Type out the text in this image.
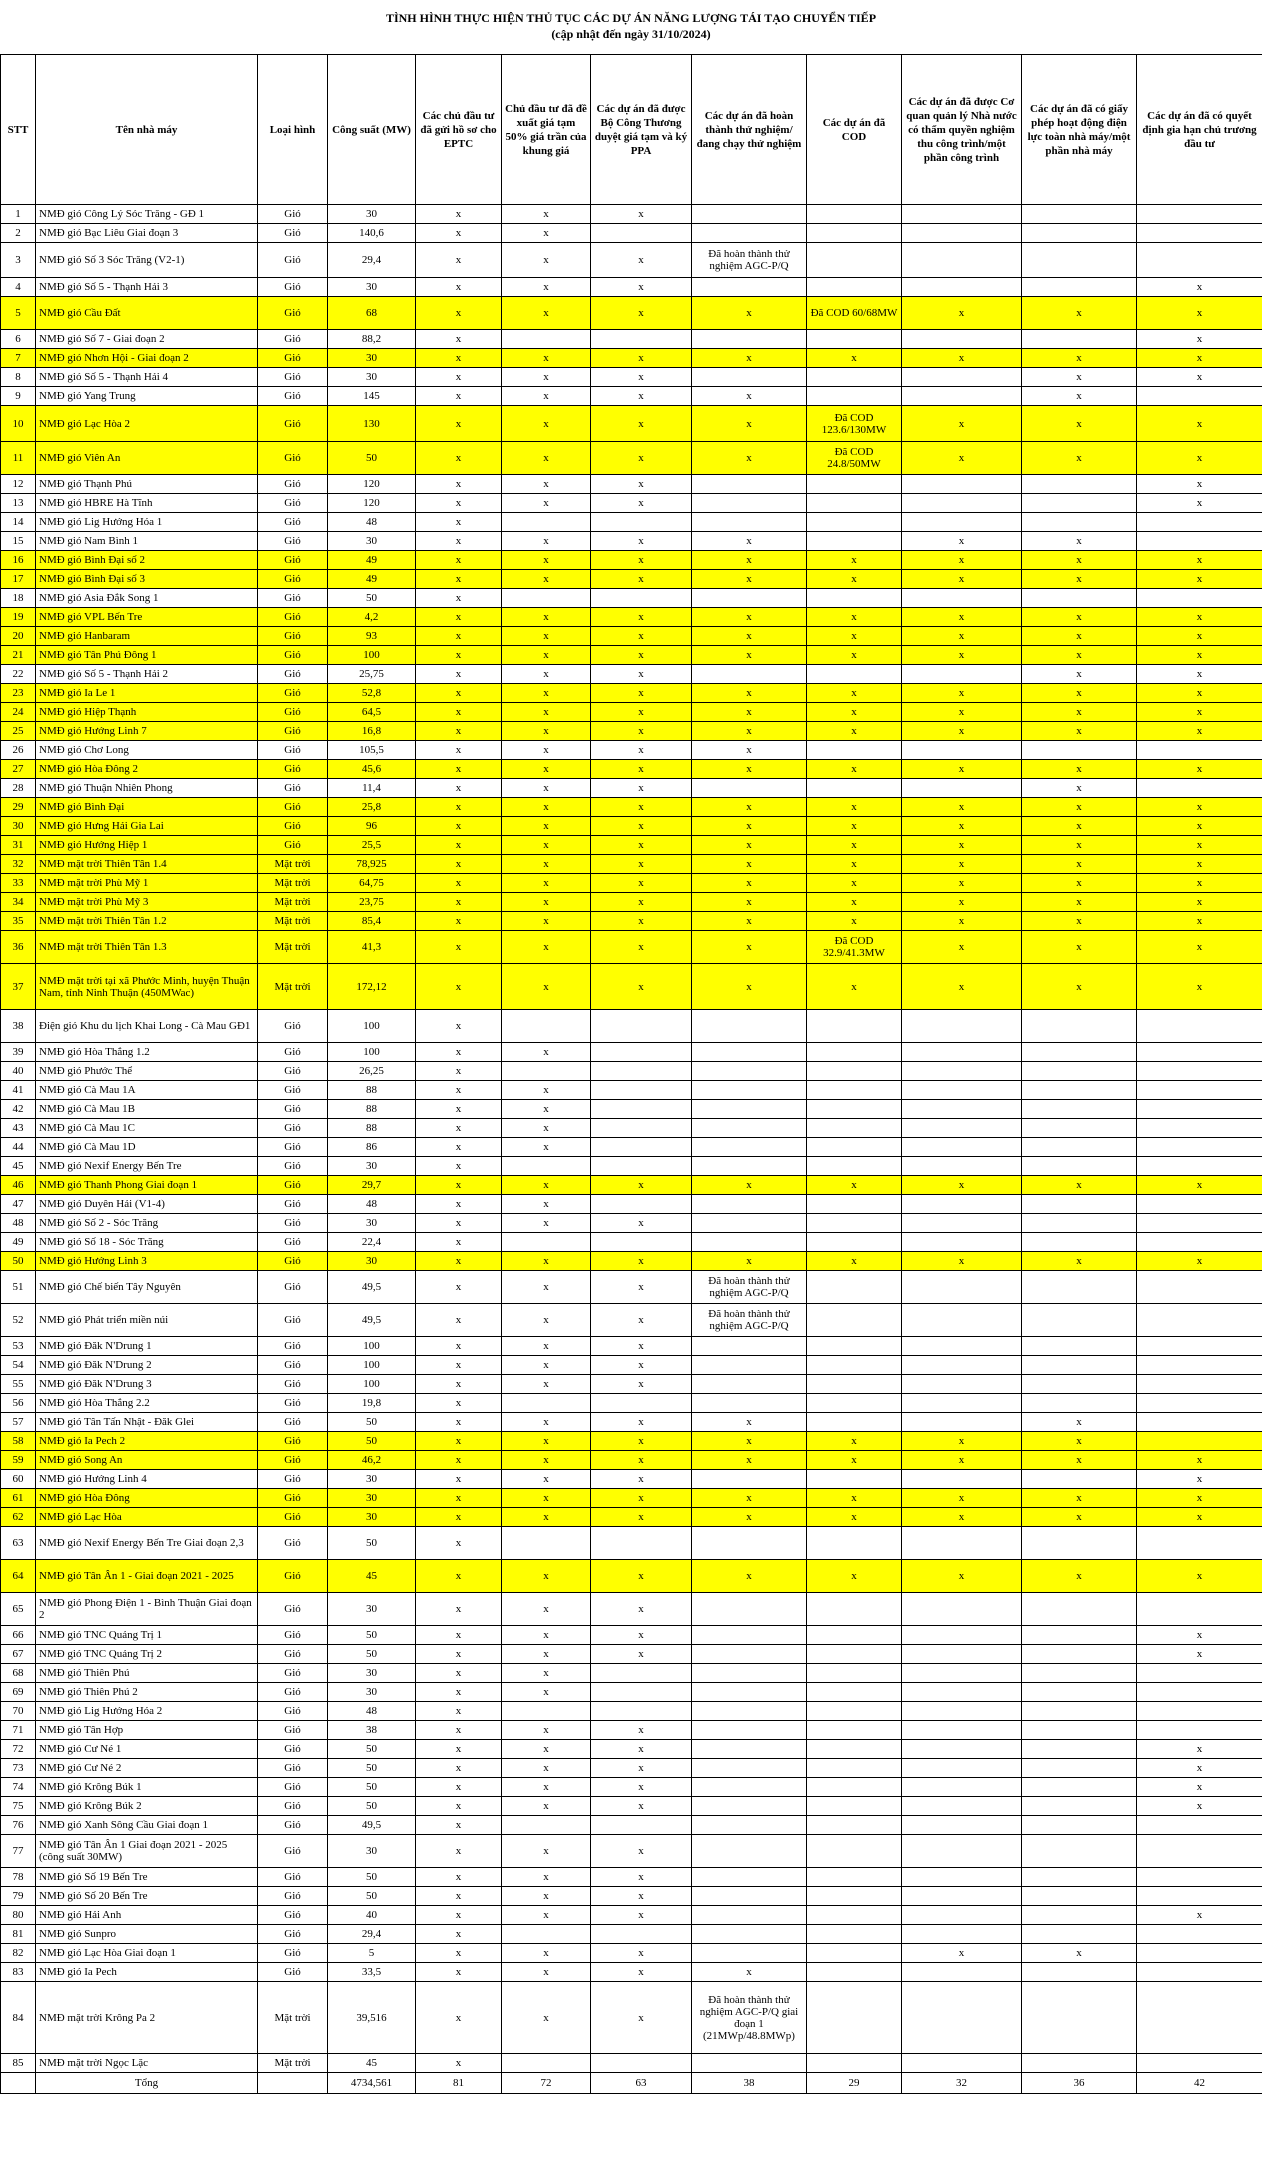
TÌNH HÌNH THỰC HIỆN THỦ TỤC CÁC DỰ ÁN NĂNG LƯỢNG TÁI TẠO CHUYỂN TIẾP
(cập nhật đến ngày 31/10/2024)
STT	Tên nhà máy	Loại hình	Công suất (MW)	Các chủ đầu tư đã gửi hồ sơ cho EPTC	Chủ đầu tư đã đề xuất giá tạm 50% giá trần của khung giá	Các dự án đã được Bộ Công Thương duyệt giá tạm và ký PPA	Các dự án đã hoàn thành thử nghiệm/đang chạy thử nghiệm	Các dự án đã COD	Các dự án đã được Cơ quan quản lý Nhà nước có thẩm quyền nghiệm thu công trình/một phần công trình	Các dự án đã có giấy phép hoạt động điện lực toàn nhà máy/một phần nhà máy	Các dự án đã có quyết định gia hạn chủ trương đầu tư
1	NMĐ gió Công Lý Sóc Trăng - GĐ 1	Gió	30	x	x	x					
2	NMĐ gió Bạc Liêu Giai đoạn 3	Gió	140,6	x	x						
3	NMĐ gió Số 3 Sóc Trăng (V2-1)	Gió	29,4	x	x	x	Đã hoàn thành thử nghiệm AGC-P/Q				
4	NMĐ gió Số 5 - Thạnh Hải 3	Gió	30	x	x	x					x
5	NMĐ gió Cầu Đất	Gió	68	x	x	x	x	Đã COD 60/68MW	x	x	x
6	NMĐ gió Số 7 - Giai đoạn 2	Gió	88,2	x							x
7	NMĐ gió Nhơn Hội - Giai đoạn 2	Gió	30	x	x	x	x	x	x	x	x
8	NMĐ gió Số 5 - Thạnh Hải 4	Gió	30	x	x	x				x	x
9	NMĐ gió Yang Trung	Gió	145	x	x	x	x			x	
10	NMĐ gió Lạc Hòa 2	Gió	130	x	x	x	x	Đã COD 123.6/130MW	x	x	x
11	NMĐ gió Viên An	Gió	50	x	x	x	x	Đã COD 24.8/50MW	x	x	x
12	NMĐ gió Thạnh Phú	Gió	120	x	x	x					x
13	NMĐ gió HBRE Hà Tĩnh	Gió	120	x	x	x					x
14	NMĐ gió Lig Hướng Hóa 1	Gió	48	x							
15	NMĐ gió Nam Bình 1	Gió	30	x	x	x	x		x	x	
16	NMĐ gió Bình Đại số 2	Gió	49	x	x	x	x	x	x	x	x
17	NMĐ gió Bình Đại số 3	Gió	49	x	x	x	x	x	x	x	x
18	NMĐ gió Asia Đắk Song 1	Gió	50	x							
19	NMĐ gió VPL Bến Tre	Gió	4,2	x	x	x	x	x	x	x	x
20	NMĐ gió Hanbaram	Gió	93	x	x	x	x	x	x	x	x
21	NMĐ gió Tân Phú Đông 1	Gió	100	x	x	x	x	x	x	x	x
22	NMĐ gió Số 5 - Thạnh Hải 2	Gió	25,75	x	x	x				x	x
23	NMĐ gió Ia Le 1	Gió	52,8	x	x	x	x	x	x	x	x
24	NMĐ gió Hiệp Thạnh	Gió	64,5	x	x	x	x	x	x	x	x
25	NMĐ gió Hướng Linh 7	Gió	16,8	x	x	x	x	x	x	x	x
26	NMĐ gió Chơ Long	Gió	105,5	x	x	x	x				
27	NMĐ gió Hòa Đông 2	Gió	45,6	x	x	x	x	x	x	x	x
28	NMĐ gió Thuận Nhiên Phong	Gió	11,4	x	x	x				x	
29	NMĐ gió Bình Đại	Gió	25,8	x	x	x	x	x	x	x	x
30	NMĐ gió Hưng Hải Gia Lai	Gió	96	x	x	x	x	x	x	x	x
31	NMĐ gió Hướng Hiệp 1	Gió	25,5	x	x	x	x	x	x	x	x
32	NMĐ mặt trời Thiên Tân 1.4	Mặt trời	78,925	x	x	x	x	x	x	x	x
33	NMĐ mặt trời Phù Mỹ 1	Mặt trời	64,75	x	x	x	x	x	x	x	x
34	NMĐ mặt trời Phù Mỹ 3	Mặt trời	23,75	x	x	x	x	x	x	x	x
35	NMĐ mặt trời Thiên Tân 1.2	Mặt trời	85,4	x	x	x	x	x	x	x	x
36	NMĐ mặt trời Thiên Tân 1.3	Mặt trời	41,3	x	x	x	x	Đã COD 32.9/41.3MW	x	x	x
37	NMĐ mặt trời tại xã Phước Minh, huyện Thuận Nam, tỉnh Ninh Thuận (450MWac)	Mặt trời	172,12	x	x	x	x	x	x	x	x
38	Điện gió Khu du lịch Khai Long - Cà Mau GĐ1	Gió	100	x							
39	NMĐ gió Hòa Thắng 1.2	Gió	100	x	x						
40	NMĐ gió Phước Thể	Gió	26,25	x							
41	NMĐ gió Cà Mau 1A	Gió	88	x	x						
42	NMĐ gió Cà Mau 1B	Gió	88	x	x						
43	NMĐ gió Cà Mau 1C	Gió	88	x	x						
44	NMĐ gió Cà Mau 1D	Gió	86	x	x						
45	NMĐ gió Nexif Energy Bến Tre	Gió	30	x							
46	NMĐ gió Thanh Phong Giai đoạn 1	Gió	29,7	x	x	x	x	x	x	x	x
47	NMĐ gió Duyên Hải (V1-4)	Gió	48	x	x						
48	NMĐ gió Số 2 - Sóc Trăng	Gió	30	x	x	x					
49	NMĐ gió Số 18 - Sóc Trăng	Gió	22,4	x							
50	NMĐ gió Hướng Linh 3	Gió	30	x	x	x	x	x	x	x	x
51	NMĐ gió Chế biến Tây Nguyên	Gió	49,5	x	x	x	Đã hoàn thành thử nghiệm AGC-P/Q				
52	NMĐ gió Phát triển miền núi	Gió	49,5	x	x	x	Đã hoàn thành thử nghiệm AGC-P/Q				
53	NMĐ gió Đăk N'Drung 1	Gió	100	x	x	x					
54	NMĐ gió Đăk N'Drung 2	Gió	100	x	x	x					
55	NMĐ gió Đăk N'Drung 3	Gió	100	x	x	x					
56	NMĐ gió Hòa Thắng 2.2	Gió	19,8	x							
57	NMĐ gió Tân Tấn Nhật - Đăk Glei	Gió	50	x	x	x	x			x	
58	NMĐ gió Ia Pech 2	Gió	50	x	x	x	x	x	x	x	
59	NMĐ gió Song An	Gió	46,2	x	x	x	x	x	x	x	x
60	NMĐ gió Hướng Linh 4	Gió	30	x	x	x					x
61	NMĐ gió Hòa Đông	Gió	30	x	x	x	x	x	x	x	x
62	NMĐ gió Lạc Hòa	Gió	30	x	x	x	x	x	x	x	x
63	NMĐ gió Nexif Energy Bến Tre Giai đoạn 2,3	Gió	50	x							
64	NMĐ gió Tân Ân 1 - Giai đoạn 2021 - 2025	Gió	45	x	x	x	x	x	x	x	x
65	NMĐ gió Phong Điện 1 - Bình Thuận Giai đoạn 2	Gió	30	x	x	x					
66	NMĐ gió TNC Quảng Trị 1	Gió	50	x	x	x					x
67	NMĐ gió TNC Quảng Trị 2	Gió	50	x	x	x					x
68	NMĐ gió Thiên Phú	Gió	30	x	x						
69	NMĐ gió Thiên Phú 2	Gió	30	x	x						
70	NMĐ gió Lig Hướng Hóa 2	Gió	48	x							
71	NMĐ gió Tân Hợp	Gió	38	x	x	x					
72	NMĐ gió Cư Né 1	Gió	50	x	x	x					x
73	NMĐ gió Cư Né 2	Gió	50	x	x	x					x
74	NMĐ gió Krông Búk 1	Gió	50	x	x	x					x
75	NMĐ gió Krông Búk 2	Gió	50	x	x	x					x
76	NMĐ gió Xanh Sông Cầu Giai đoạn 1	Gió	49,5	x							
77	NMĐ gió Tân Ân 1 Giai đoạn 2021 - 2025 (công suất 30MW)	Gió	30	x	x	x					
78	NMĐ gió Số 19 Bến Tre	Gió	50	x	x	x					
79	NMĐ gió Số 20 Bến Tre	Gió	50	x	x	x					
80	NMĐ gió Hải Anh	Gió	40	x	x	x					x
81	NMĐ gió Sunpro	Gió	29,4	x							
82	NMĐ gió Lạc Hòa Giai đoạn 1	Gió	5	x	x	x			x	x	
83	NMĐ gió Ia Pech	Gió	33,5	x	x	x	x				
84	NMĐ mặt trời Krông Pa 2	Mặt trời	39,516	x	x	x	Đã hoàn thành thử nghiệm AGC-P/Q giai đoạn 1 (21MWp/48.8MWp)				
85	NMĐ mặt trời Ngọc Lặc	Mặt trời	45	x							
	Tổng		4734,561	81	72	63	38	29	32	36	42
